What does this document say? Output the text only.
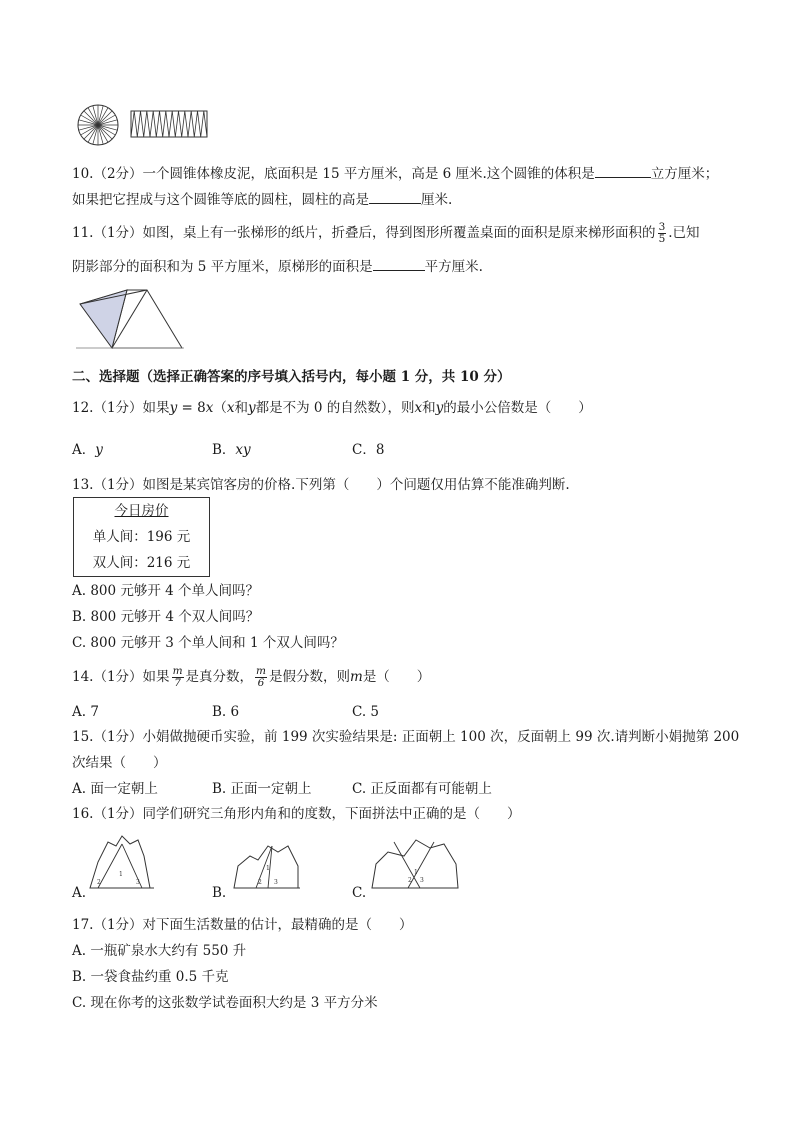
10.（2分）一个圆锥体橡皮泥，底面积是 15 平方厘米，高是 6 厘米.这个圆锥的体积是	立方厘米；
如果把它捏成与这个圆锥等底的圆柱，圆柱的高是	厘米.
11.（1分）如图，桌上有一张梯形的纸片，折叠后，得到图形所覆盖桌面的面积是原来梯形面积的 $\frac{3}{5}$ .已知
阴影部分的面积和为 5 平方厘米，原梯形的面积是	平方厘米.
二、选择题（选择正确答案的序号填入括号内，每小题 1 分，共 10 分）
12.（1分）如果y = 8x（x和y都是不为 0 的自然数），则x和y的最小公倍数是（　　）
A．y	B．xy	C．8
13.（1分）如图是某宾馆客房的价格.下列第（　　）个问题仅用估算不能准确判断.
今日房价
单人间：196 元
双人间：216 元
A. 800 元够开 4 个单人间吗？
B. 800 元够开 4 个双人间吗？
C. 800 元够开 3 个单人间和 1 个双人间吗？
14.（1分）如果 $\frac{m}{7}$ 是真分数， $\frac{m}{6}$ 是假分数，则m是（　　）
A. 7	B. 6	C. 5
15.（1分）小娟做抛硬币实验，前 199 次实验结果是: 正面朝上 100 次，反面朝上 99 次.请判断小娟抛第 200
次结果（　　）
A. 面一定朝上	B. 正面一定朝上	C. 正反面都有可能朝上
16.（1分）同学们研究三角形内角和的度数，下面拼法中正确的是（　　）
A.	B.	C.
2
1
3	2
1
3	2
1
3
17.（1分）对下面生活数量的估计，最精确的是（　　）
A. 一瓶矿泉水大约有 550 升
B. 一袋食盐约重 0.5 千克
C. 现在你考的这张数学试卷面积大约是 3 平方分米
